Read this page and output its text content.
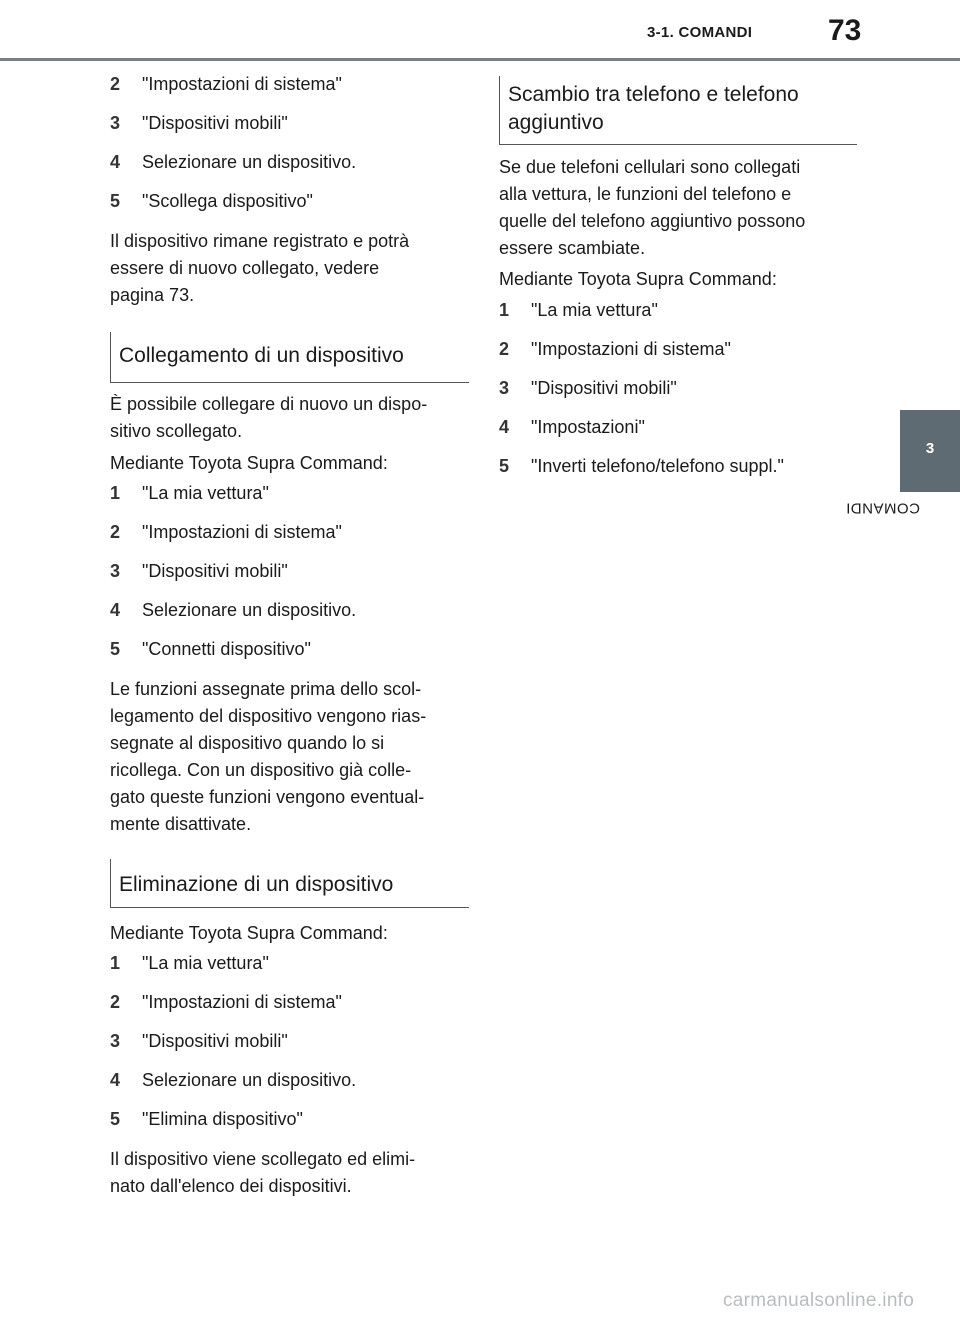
3-1. COMANDI	73
3
COMANDI
2 "Impostazioni di sistema"
3 "Dispositivi mobili"
4 Selezionare un dispositivo.
5 "Scollega dispositivo"
Il dispositivo rimane registrato e potrà
essere di nuovo collegato, vedere
pagina 73.
Collegamento di un dispositivo
È possibile collegare di nuovo un dispo-
sitivo scollegato.
Mediante Toyota Supra Command:
1 "La mia vettura"
2 "Impostazioni di sistema"
3 "Dispositivi mobili"
4 Selezionare un dispositivo.
5 "Connetti dispositivo"
Le funzioni assegnate prima dello scol-
legamento del dispositivo vengono rias-
segnate al dispositivo quando lo si
ricollega. Con un dispositivo già colle-
gato queste funzioni vengono eventual-
mente disattivate.
Eliminazione di un dispositivo
Mediante Toyota Supra Command:
1 "La mia vettura"
2 "Impostazioni di sistema"
3 "Dispositivi mobili"
4 Selezionare un dispositivo.
5 "Elimina dispositivo"
Il dispositivo viene scollegato ed elimi-
nato dall'elenco dei dispositivi.
Scambio tra telefono e telefono
aggiuntivo
Se due telefoni cellulari sono collegati
alla vettura, le funzioni del telefono e
quelle del telefono aggiuntivo possono
essere scambiate.
Mediante Toyota Supra Command:
1 "La mia vettura"
2 "Impostazioni di sistema"
3 "Dispositivi mobili"
4 "Impostazioni"
5 "Inverti telefono/telefono suppl."
carmanualsonline.info
